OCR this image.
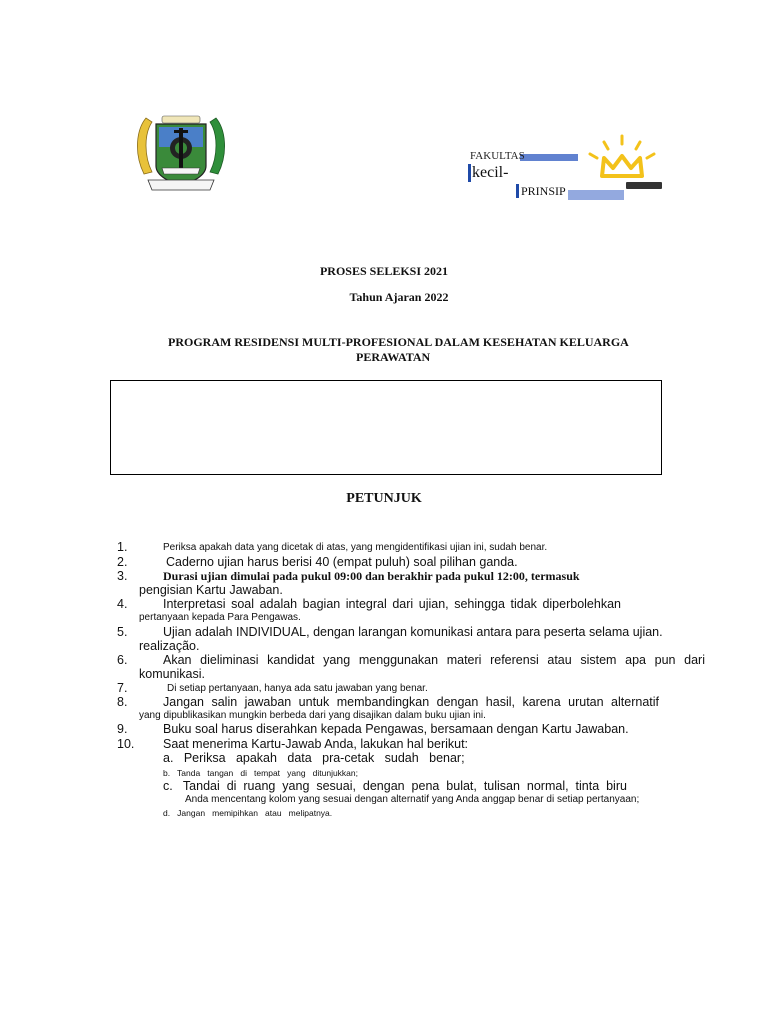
FAKULTAS
kecil-
PRINSIP
PROSES SELEKSI 2021
Tahun Ajaran 2022
PROGRAM RESIDENSI MULTI-PROFESIONAL DALAM KESEHATAN KELUARGA
PERAWATAN
PETUNJUK
1.	Periksa apakah data yang dicetak di atas, yang mengidentifikasi ujian ini, sudah benar.
2.	Caderno ujian harus berisi 40 (empat puluh) soal pilihan ganda.
3.	Durasi ujian dimulai pada pukul 09:00 dan berakhir pada pukul 12:00, termasuk
pengisian Kartu Jawaban.
4.	Interpretasi soal adalah bagian integral dari ujian, sehingga tidak diperbolehkan
pertanyaan kepada Para Pengawas.
5.	Ujian adalah INDIVIDUAL, dengan larangan komunikasi antara para peserta selama ujian.
realização.
6.	Akan dieliminasi kandidat yang menggunakan materi referensi atau sistem apa pun dari
komunikasi.
7.	Di setiap pertanyaan, hanya ada satu jawaban yang benar.
8.	Jangan salin jawaban untuk membandingkan dengan hasil, karena urutan alternatif
yang dipublikasikan mungkin berbeda dari yang disajikan dalam buku ujian ini.
9.	Buku soal harus diserahkan kepada Pengawas, bersamaan dengan Kartu Jawaban.
10. Saat menerima Kartu-Jawab Anda, lakukan hal berikut:
a.   Periksa   apakah   data   pra-cetak   sudah   benar;
b.   Tanda   tangan   di   tempat   yang   ditunjukkan;
c.   Tandai  di  ruang  yang  sesuai,  dengan  pena  bulat,  tulisan  normal,  tinta  biru
Anda mencentang kolom yang sesuai dengan alternatif yang Anda anggap benar di setiap pertanyaan;
d.   Jangan   memipihkan   atau   melipatnya.
